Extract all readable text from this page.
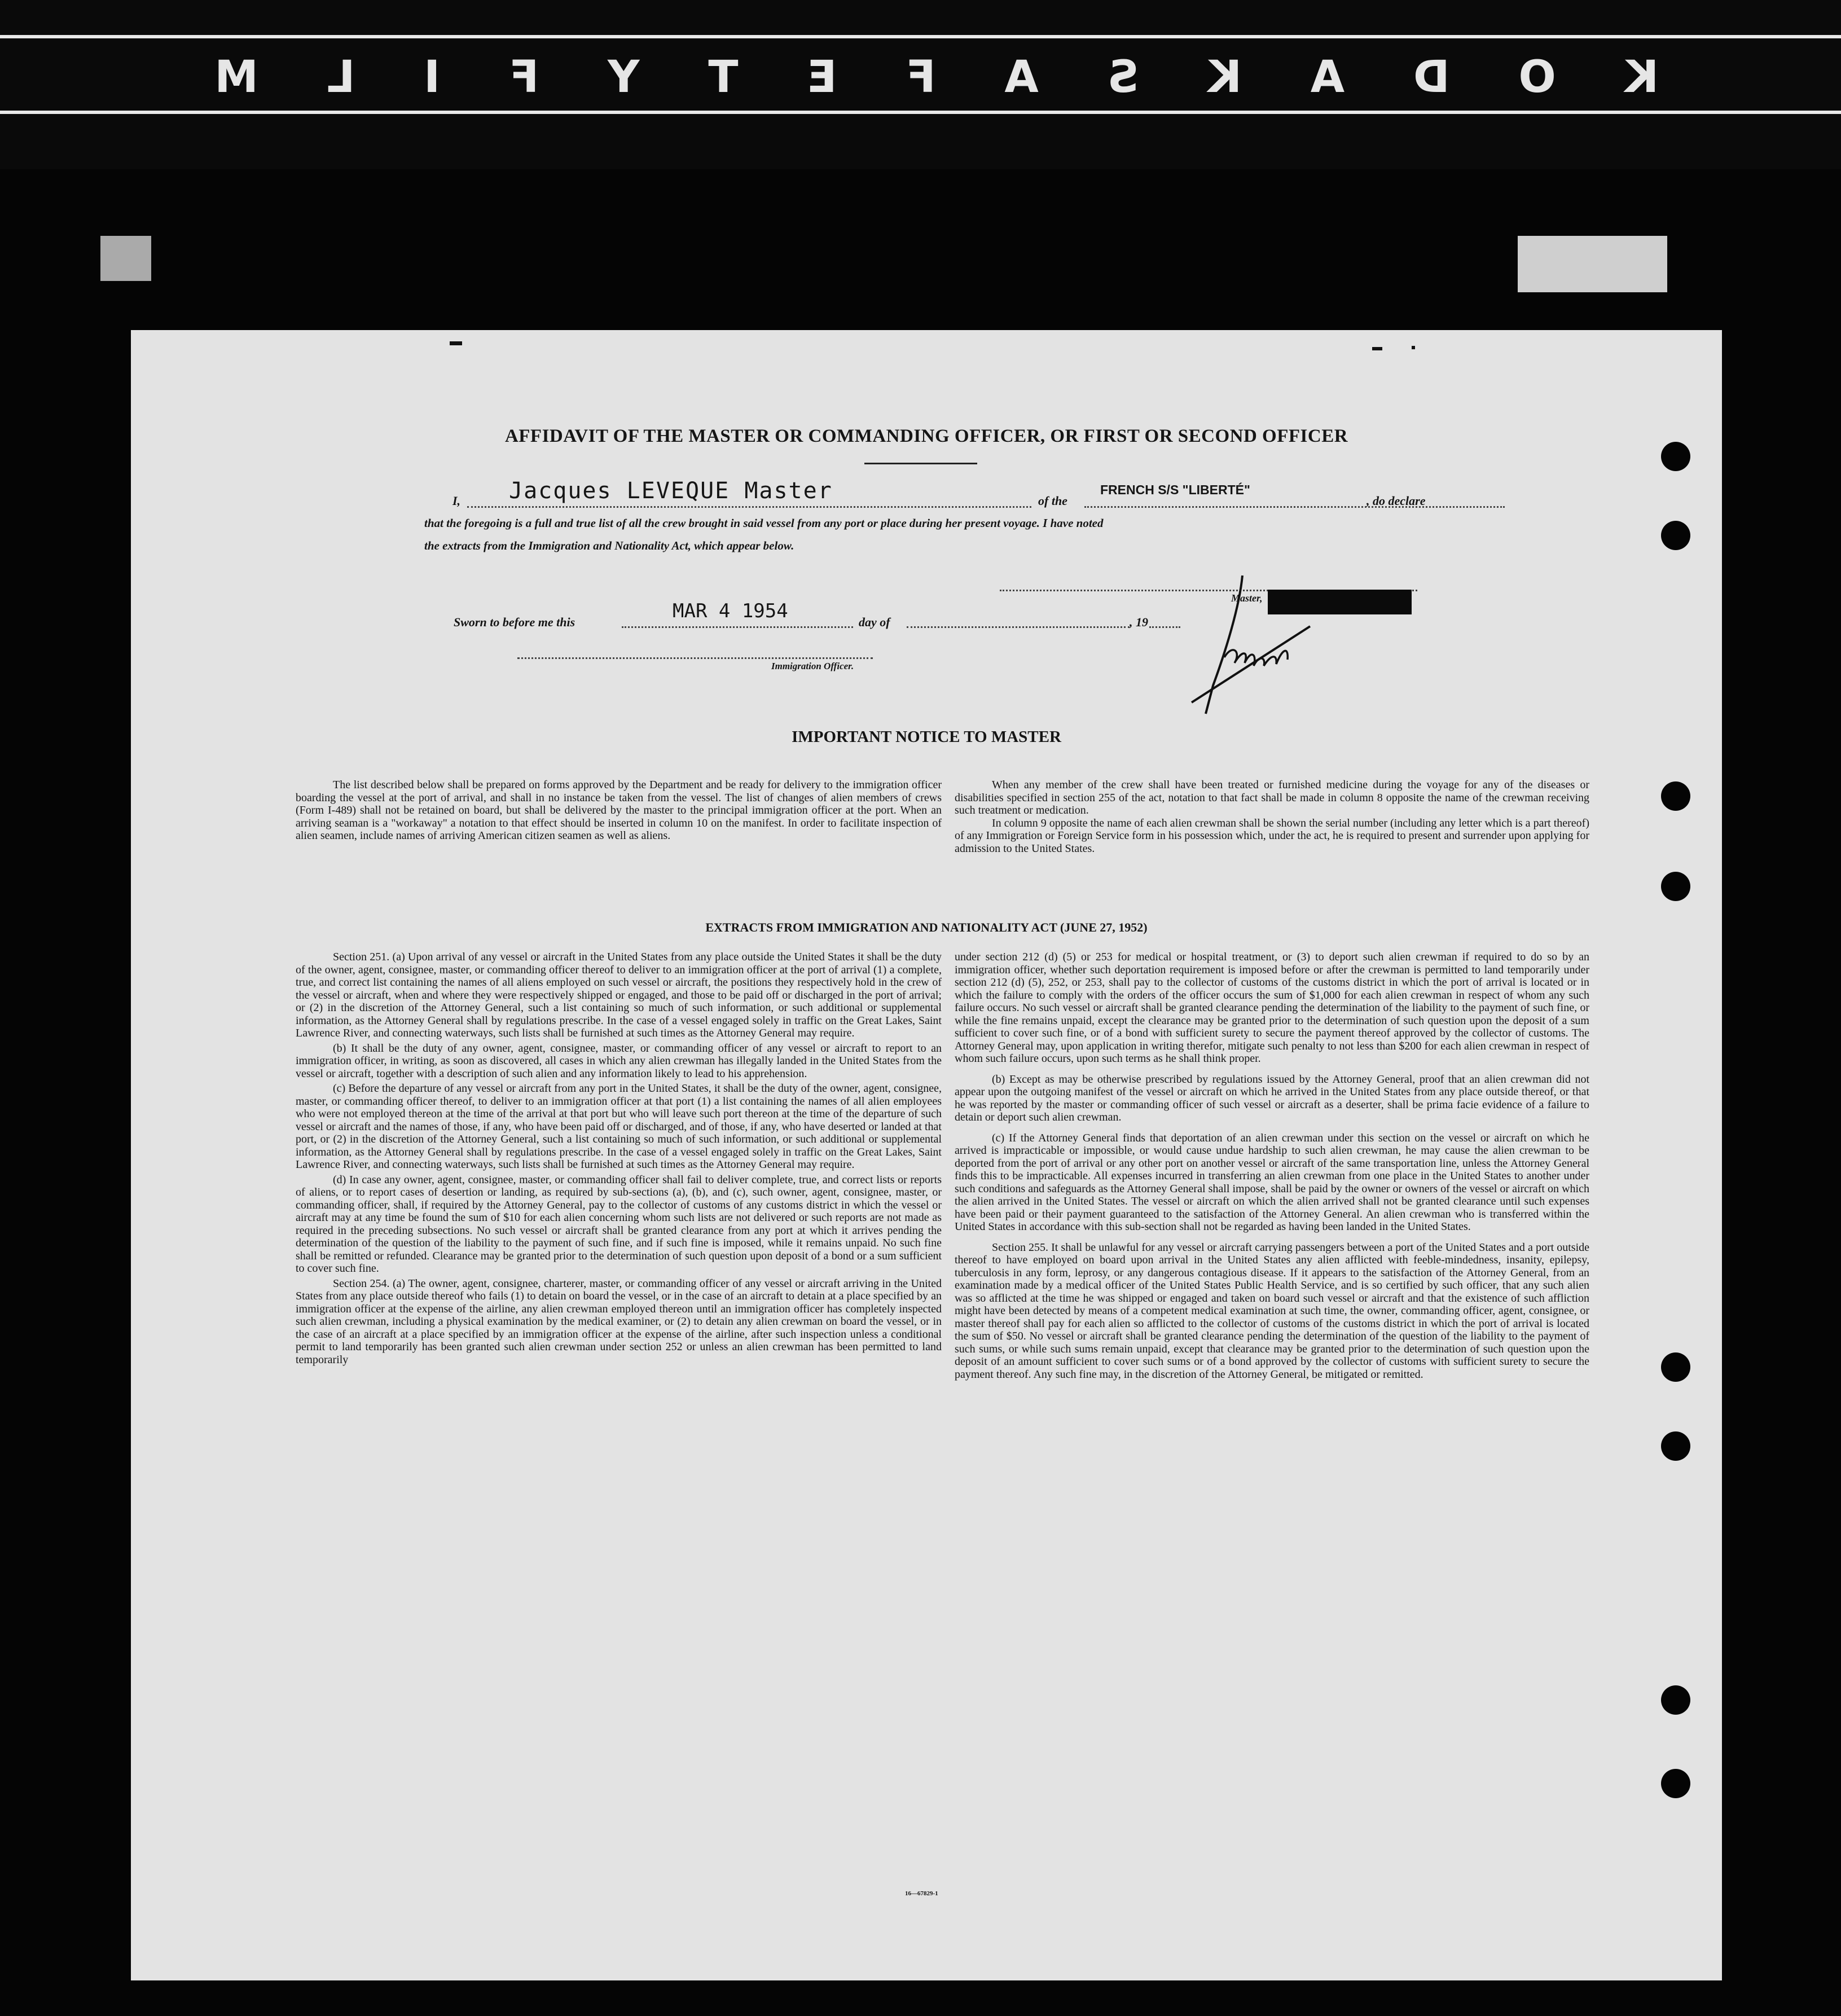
K
O
D
A
K
S
A
F
E
T
Y
F
I
L
M

AFFIDAVIT OF THE MASTER OR COMMANDING OFFICER, OR FIRST OR SECOND OFFICER
I, Jacques LEVEQUE Master	of the
FRENCH S/S "LIBERTÉ"
, do declare
that the foregoing is a full and true list of all the crew brought in said vessel from any port or place during her present voyage. I have noted
the extracts from the Immigration and Nationality Act, which appear below.
Master,
Sworn to before me this	MAR 4 1954	day of	, 19
Immigration Officer.
IMPORTANT NOTICE TO MASTER

The list described below shall be prepared on forms approved by the Department and be ready for delivery to the immigration officer boarding the vessel at the port of arrival, and shall in no instance be taken from the vessel. The list of changes of alien members of crews (Form I-489) shall not be retained on board, but shall be delivered by the master to the principal immigration officer at the port. When an arriving seaman is a "workaway" a notation to that effect should be inserted in column 10 on the manifest. In order to facilitate inspection of alien seamen, include names of arriving American citizen seamen as well as aliens.

When any member of the crew shall have been treated or furnished medicine during the voyage for any of the diseases or disabilities specified in section 255 of the act, notation to that fact shall be made in column 8 opposite the name of the crewman receiving such treatment or medication.

In column 9 opposite the name of each alien crewman shall be shown the serial number (including any letter which is a part thereof) of any Immigration or Foreign Service form in his possession which, under the act, he is required to present and surrender upon applying for admission to the United States.

EXTRACTS FROM IMMIGRATION AND NATIONALITY ACT (JUNE 27, 1952)

Section 251. (a) Upon arrival of any vessel or aircraft in the United States from any place outside the United States it shall be the duty of the owner, agent, consignee, master, or commanding officer thereof to deliver to an immigration officer at the port of arrival (1) a complete, true, and correct list containing the names of all aliens employed on such vessel or aircraft, the positions they respectively hold in the crew of the vessel or aircraft, when and where they were respectively shipped or engaged, and those to be paid off or discharged in the port of arrival; or (2) in the discretion of the Attorney General, such a list containing so much of such information, or such additional or supplemental information, as the Attorney General shall by regulations prescribe. In the case of a vessel engaged solely in traffic on the Great Lakes, Saint Lawrence River, and connecting waterways, such lists shall be furnished at such times as the Attorney General may require.

(b) It shall be the duty of any owner, agent, consignee, master, or commanding officer of any vessel or aircraft to report to an immigration officer, in writing, as soon as discovered, all cases in which any alien crewman has illegally landed in the United States from the vessel or aircraft, together with a description of such alien and any information likely to lead to his apprehension.

(c) Before the departure of any vessel or aircraft from any port in the United States, it shall be the duty of the owner, agent, consignee, master, or commanding officer thereof, to deliver to an immigration officer at that port (1) a list containing the names of all alien employees who were not employed thereon at the time of the arrival at that port but who will leave such port thereon at the time of the departure of such vessel or aircraft and the names of those, if any, who have been paid off or discharged, and of those, if any, who have deserted or landed at that port, or (2) in the discretion of the Attorney General, such a list containing so much of such information, or such additional or supplemental information, as the Attorney General shall by regulations prescribe. In the case of a vessel engaged solely in traffic on the Great Lakes, Saint Lawrence River, and connecting waterways, such lists shall be furnished at such times as the Attorney General may require.

(d) In case any owner, agent, consignee, master, or commanding officer shall fail to deliver complete, true, and correct lists or reports of aliens, or to report cases of desertion or landing, as required by sub-sections (a), (b), and (c), such owner, agent, consignee, master, or commanding officer, shall, if required by the Attorney General, pay to the collector of customs of any customs district in which the vessel or aircraft may at any time be found the sum of $10 for each alien concerning whom such lists are not delivered or such reports are not made as required in the preceding subsections. No such vessel or aircraft shall be granted clearance from any port at which it arrives pending the determination of the question of the liability to the payment of such fine, and if such fine is imposed, while it remains unpaid. No such fine shall be remitted or refunded. Clearance may be granted prior to the determination of such question upon deposit of a bond or a sum sufficient to cover such fine.

Section 254. (a) The owner, agent, consignee, charterer, master, or commanding officer of any vessel or aircraft arriving in the United States from any place outside thereof who fails (1) to detain on board the vessel, or in the case of an aircraft to detain at a place specified by an immigration officer at the expense of the airline, any alien crewman employed thereon until an immigration officer has completely inspected such alien crewman, including a physical examination by the medical examiner, or (2) to detain any alien crewman on board the vessel, or in the case of an aircraft at a place specified by an immigration officer at the expense of the airline, after such inspection unless a conditional permit to land temporarily has been granted such alien crewman under section 252 or unless an alien crewman has been permitted to land temporarily

under section 212 (d) (5) or 253 for medical or hospital treatment, or (3) to deport such alien crewman if required to do so by an immigration officer, whether such deportation requirement is imposed before or after the crewman is permitted to land temporarily under section 212 (d) (5), 252, or 253, shall pay to the collector of customs of the customs district in which the port of arrival is located or in which the failure to comply with the orders of the officer occurs the sum of $1,000 for each alien crewman in respect of whom any such failure occurs. No such vessel or aircraft shall be granted clearance pending the determination of the liability to the payment of such fine, or while the fine remains unpaid, except the clearance may be granted prior to the determination of such question upon the deposit of a sum sufficient to cover such fine, or of a bond with sufficient surety to secure the payment thereof approved by the collector of customs. The Attorney General may, upon application in writing therefor, mitigate such penalty to not less than $200 for each alien crewman in respect of whom such failure occurs, upon such terms as he shall think proper.

(b) Except as may be otherwise prescribed by regulations issued by the Attorney General, proof that an alien crewman did not appear upon the outgoing manifest of the vessel or aircraft on which he arrived in the United States from any place outside thereof, or that he was reported by the master or commanding officer of such vessel or aircraft as a deserter, shall be prima facie evidence of a failure to detain or deport such alien crewman.

(c) If the Attorney General finds that deportation of an alien crewman under this section on the vessel or aircraft on which he arrived is impracticable or impossible, or would cause undue hardship to such alien crewman, he may cause the alien crewman to be deported from the port of arrival or any other port on another vessel or aircraft of the same transportation line, unless the Attorney General finds this to be impracticable. All expenses incurred in transferring an alien crewman from one place in the United States to another under such conditions and safeguards as the Attorney General shall impose, shall be paid by the owner or owners of the vessel or aircraft on which the alien arrived in the United States. The vessel or aircraft on which the alien arrived shall not be granted clearance until such expenses have been paid or their payment guaranteed to the satisfaction of the Attorney General. An alien crewman who is transferred within the United States in accordance with this sub-section shall not be regarded as having been landed in the United States.

Section 255. It shall be unlawful for any vessel or aircraft carrying passengers between a port of the United States and a port outside thereof to have employed on board upon arrival in the United States any alien afflicted with feeble-mindedness, insanity, epilepsy, tuberculosis in any form, leprosy, or any dangerous contagious disease. If it appears to the satisfaction of the Attorney General, from an examination made by a medical officer of the United States Public Health Service, and is so certified by such officer, that any such alien was so afflicted at the time he was shipped or engaged and taken on board such vessel or aircraft and that the existence of such affliction might have been detected by means of a competent medical examination at such time, the owner, commanding officer, agent, consignee, or master thereof shall pay for each alien so afflicted to the collector of customs of the customs district in which the port of arrival is located the sum of $50. No vessel or aircraft shall be granted clearance pending the determination of the question of the liability to the payment of such sums, or while such sums remain unpaid, except that clearance may be granted prior to the determination of such question upon the deposit of an amount sufficient to cover such sums or of a bond approved by the collector of customs with sufficient surety to secure the payment thereof. Any such fine may, in the discretion of the Attorney General, be mitigated or remitted.

16—67829-1
